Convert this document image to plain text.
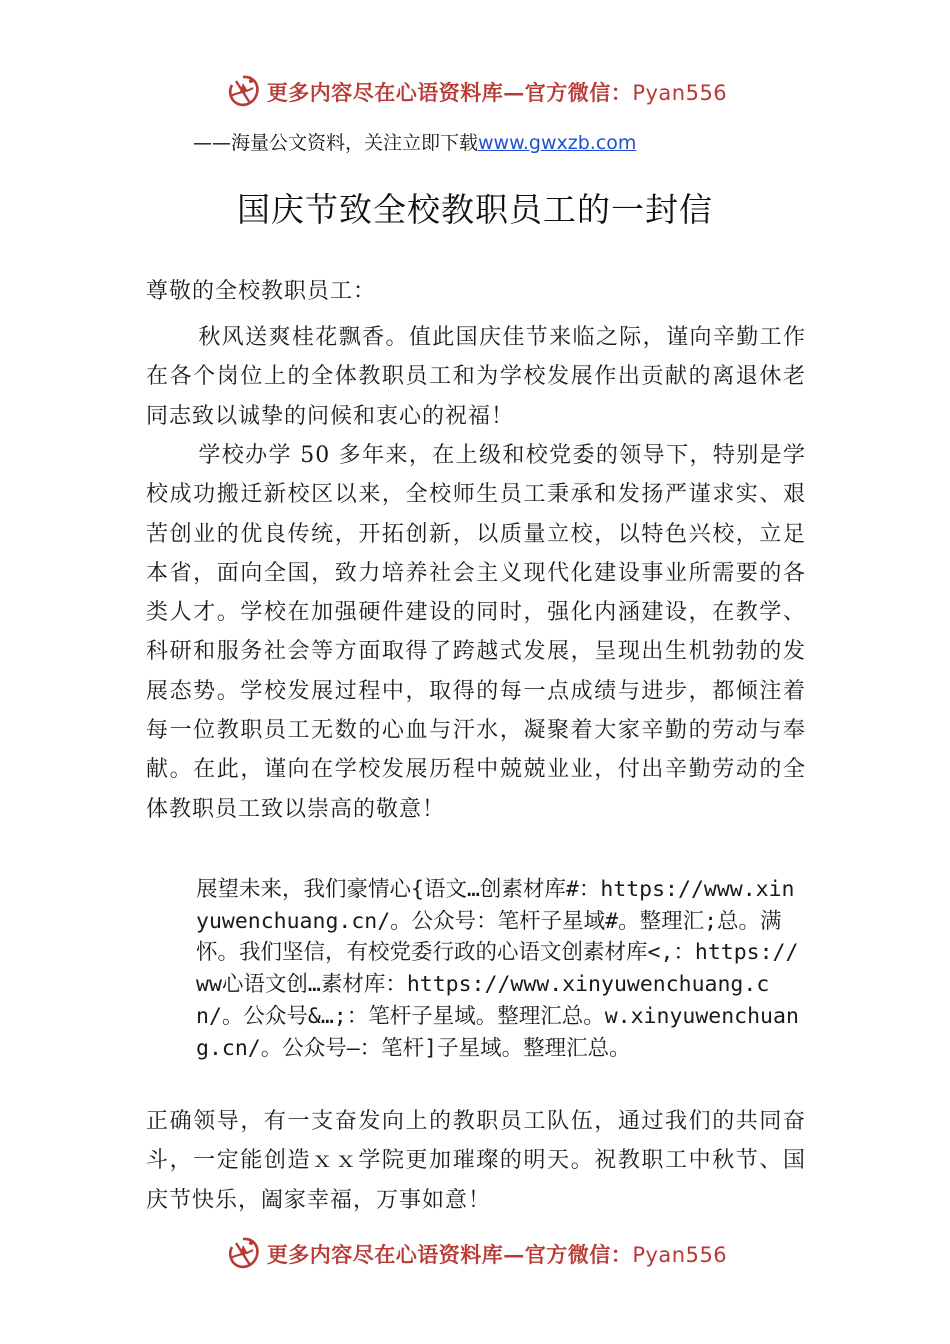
更多内容尽在心语资料库—官方微信：Pyan556
——海量公文资料，关注立即下载www.gwxzb.com
国庆节致全校教职员工的一封信

尊敬的全校教职员工：

秋风送爽桂花飘香。值此国庆佳节来临之际，谨向辛勤工作在各个岗位上的全体教职员工和为学校发展作出贡献的离退休老同志致以诚挚的问候和衷心的祝福！

学校办学 50 多年来，在上级和校党委的领导下，特别是学校成功搬迁新校区以来，全校师生员工秉承和发扬严谨求实、艰苦创业的优良传统，开拓创新，以质量立校，以特色兴校，立足本省，面向全国，致力培养社会主义现代化建设事业所需要的各类人才。学校在加强硬件建设的同时，强化内涵建设，在教学、科研和服务社会等方面取得了跨越式发展，呈现出生机勃勃的发展态势。学校发展过程中，取得的每一点成绩与进步，都倾注着每一位教职员工无数的心血与汗水，凝聚着大家辛勤的劳动与奉献。在此，谨向在学校发展历程中兢兢业业，付出辛勤劳动的全体教职员工致以崇高的敬意！

展望未来，我们豪情心{语文…创素材库#：https://www.xinyuwenchuang.cn/。公众号：笔杆子星域#。整理汇;总。满怀。我们坚信，有校党委行政的心语文创素材库<,：https://ww心语文创…素材库：https://www.xinyuwenchuang.cn/。公众号&…;：笔杆子星域。整理汇总。w.xinyuwenchuang.cn/。公众号—：笔杆]子星域。整理汇总。

正确领导，有一支奋发向上的教职员工队伍，通过我们的共同奋斗，一定能创造ｘｘ学院更加璀璨的明天。祝教职工中秋节、国庆节快乐，阖家幸福，万事如意！

更多内容尽在心语资料库—官方微信：Pyan556
